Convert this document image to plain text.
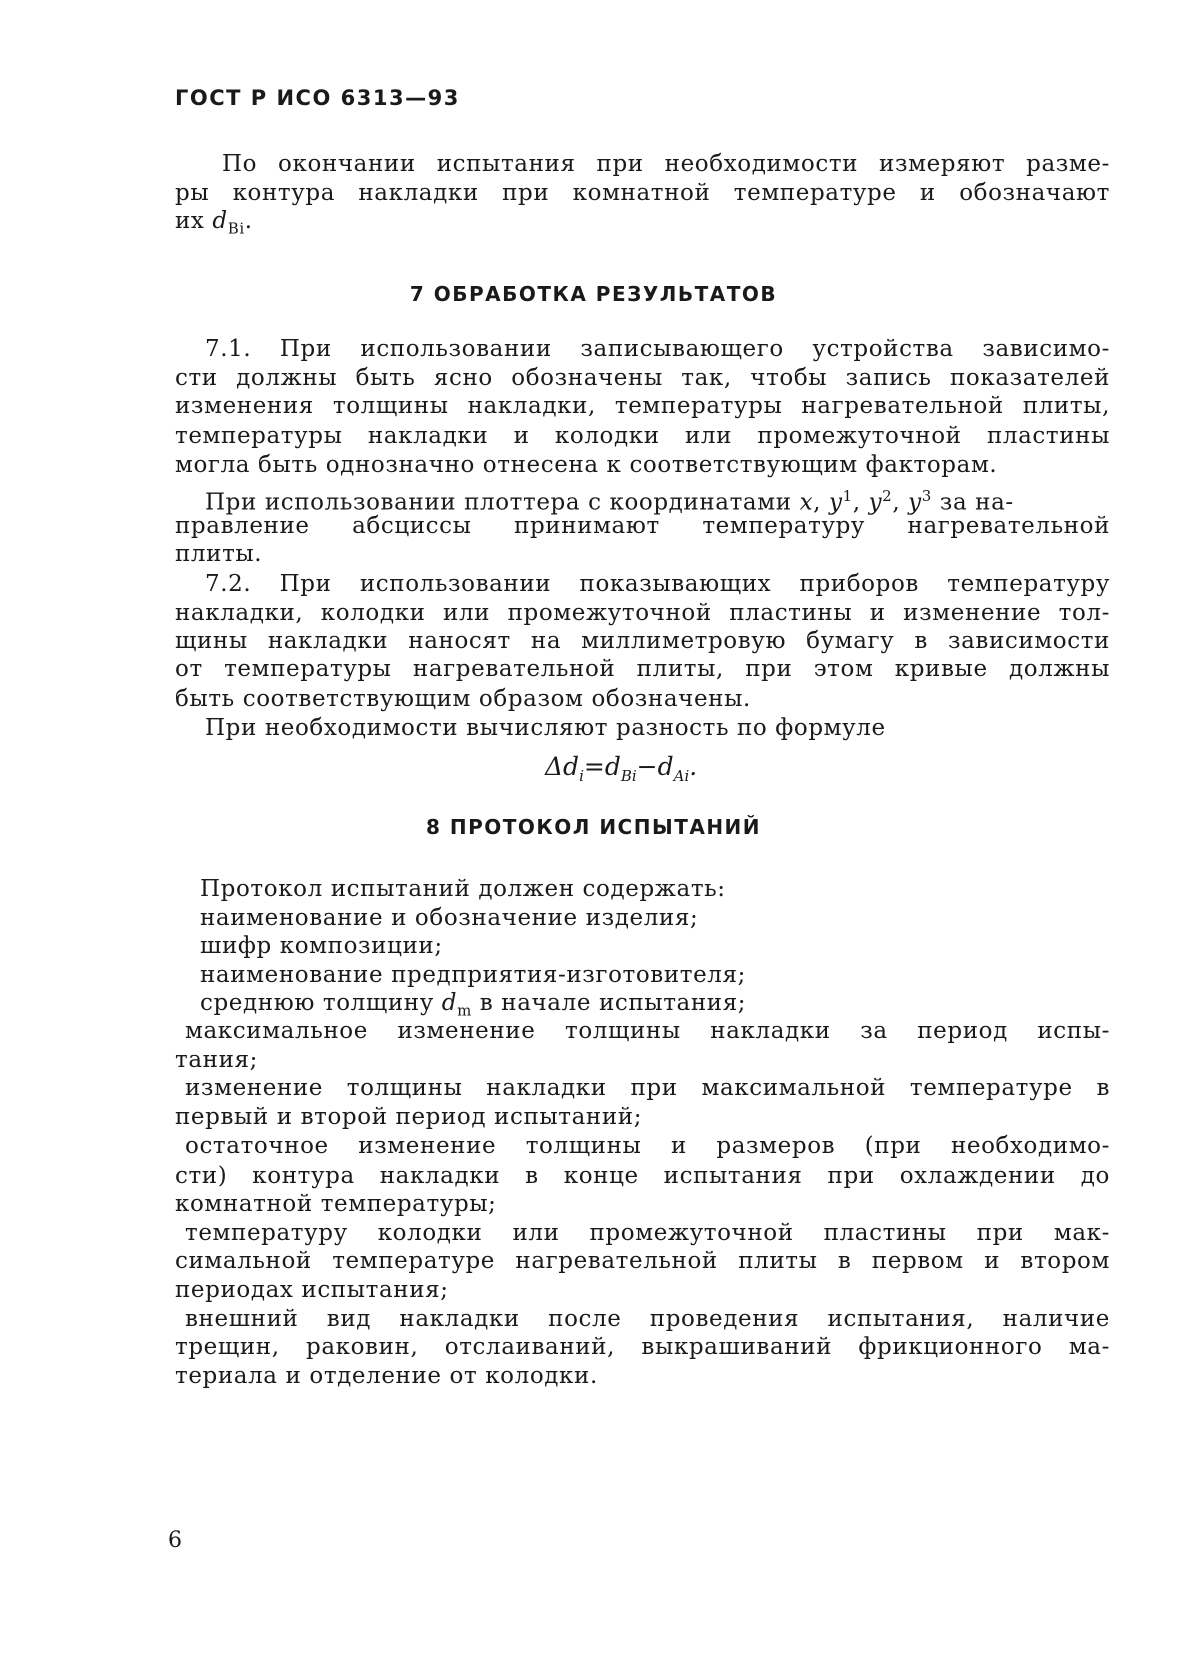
ГОСТ Р ИСО 6313—93
По окончании испытания при необходимости измеряют разме-
ры контура накладки при комнатной температуре и обозначают
их $d_{Bi}$.
7 ОБРАБОТКА РЕЗУЛЬТАТОВ
7.1. При использовании записывающего устройства зависимо-
сти должны быть ясно обозначены так, чтобы запись показателей
изменения толщины накладки, температуры нагревательной плиты,
температуры накладки и колодки или промежуточной пластины
могла быть однозначно отнесена к соответствующим факторам.
При использовании плоттера с координатами x, $y^1$, $y^2$, $y^3$ за на-
правление абсциссы принимают температуру нагревательной
плиты.
7.2. При использовании показывающих приборов температуру
накладки, колодки или промежуточной пластины и изменение тол-
щины накладки наносят на миллиметровую бумагу в зависимости
от температуры нагревательной плиты, при этом кривые должны
быть соответствующим образом обозначены.
При необходимости вычисляют разность по формуле
$\Delta d_i=d_{Bi}-d_{Ai}$.
8 ПРОТОКОЛ ИСПЫТАНИЙ
Протокол испытаний должен содержать:
наименование и обозначение изделия;
шифр композиции;
наименование предприятия-изготовителя;
среднюю толщину $d_m$ в начале испытания;
максимальное изменение толщины накладки за период испы-
тания;
изменение толщины накладки при максимальной температуре в
первый и второй период испытаний;
остаточное изменение толщины и размеров (при необходимо-
сти) контура накладки в конце испытания при охлаждении до
комнатной температуры;
температуру колодки или промежуточной пластины при мак-
симальной температуре нагревательной плиты в первом и втором
периодах испытания;
внешний вид накладки после проведения испытания, наличие
трещин, раковин, отслаиваний, выкрашиваний фрикционного ма-
териала и отделение от колодки.
6
